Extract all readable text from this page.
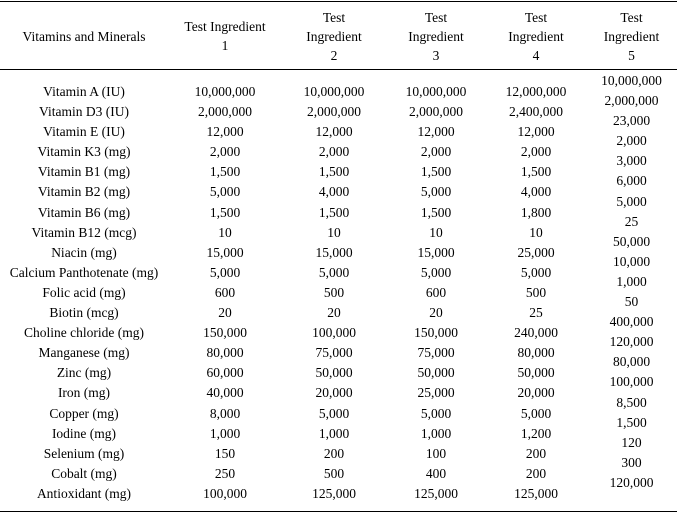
Vitamins and Minerals
Test Ingredient
1
Test
Ingredient
2
Test
Ingredient
3
Test
Ingredient
4
Test
Ingredient
5
Vitamin A (IU)
Vitamin D3 (IU)
Vitamin E (IU)
Vitamin K3 (mg)
Vitamin B1 (mg)
Vitamin B2 (mg)
Vitamin B6 (mg)
Vitamin B12 (mcg)
Niacin (mg)
Calcium Panthotenate (mg)
Folic acid (mg)
Biotin (mcg)
Choline chloride (mg)
Manganese (mg)
Zinc (mg)
Iron (mg)
Copper (mg)
Iodine (mg)
Selenium (mg)
Cobalt (mg)
Antioxidant (mg)
10,000,000
2,000,000
12,000
2,000
1,500
5,000
1,500
10
15,000
5,000
600
20
150,000
80,000
60,000
40,000
8,000
1,000
150
250
100,000
10,000,000
2,000,000
12,000
2,000
1,500
4,000
1,500
10
15,000
5,000
500
20
100,000
75,000
50,000
20,000
5,000
1,000
200
500
125,000
10,000,000
2,000,000
12,000
2,000
1,500
5,000
1,500
10
15,000
5,000
600
20
150,000
75,000
50,000
25,000
5,000
1,000
100
400
125,000
12,000,000
2,400,000
12,000
2,000
1,500
4,000
1,800
10
25,000
5,000
500
25
240,000
80,000
50,000
20,000
5,000
1,200
200
200
125,000
10,000,000
2,000,000
23,000
2,000
3,000
6,000
5,000
25
50,000
10,000
1,000
50
400,000
120,000
80,000
100,000
8,500
1,500
120
300
120,000
